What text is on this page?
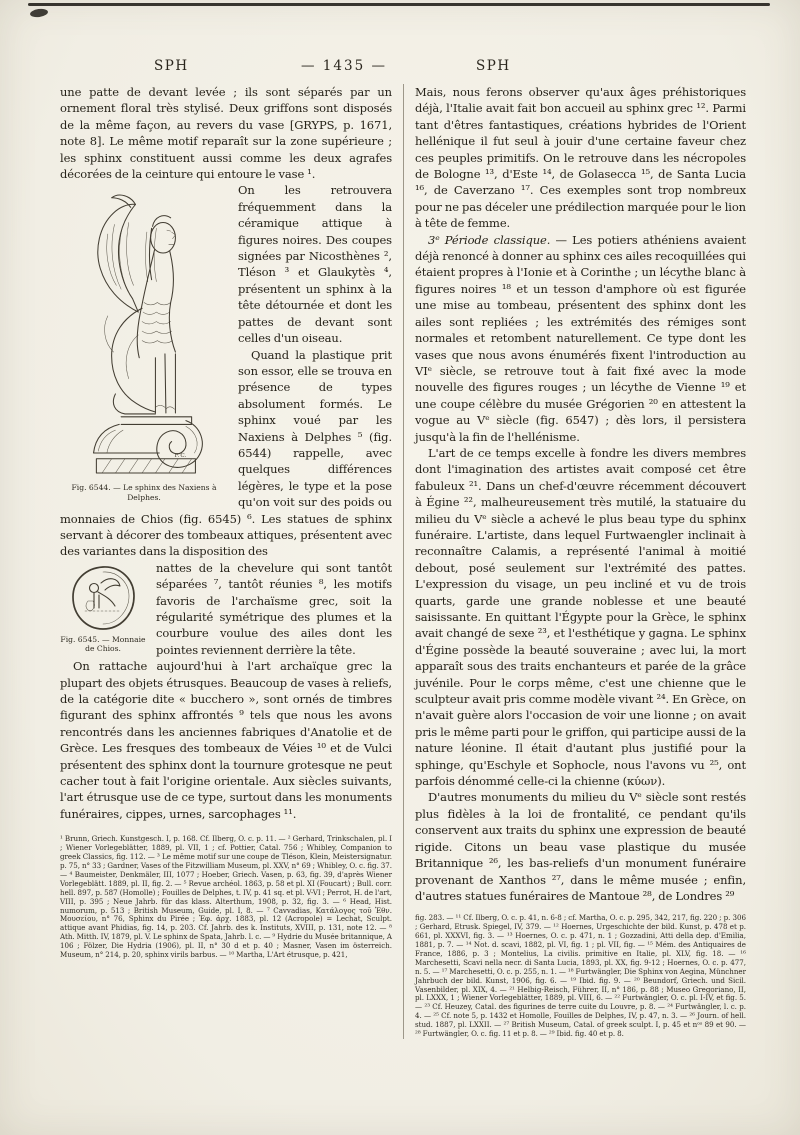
SPH	— 1435 —	SPH

une patte de devant levée ; ils sont séparés par un ornement floral très stylisé. Deux griffons sont disposés de la même façon, au revers du vase [GRYPS, p. 1671, note 8]. Le même motif reparaît sur la zone supérieure ; les sphinx constituent aussi comme les deux agrafes décorées de la ceinture qui entoure le vase ¹.

F. C.
Fig. 6544. — Le sphinx des Naxiens à Delphes.

On les retrouvera fréquemment dans la céramique attique à figures noires. Des coupes signées par Nicosthènes ², Tléson ³ et Glaukytès ⁴, présentent un sphinx à la tête détournée et dont les pattes de devant sont celles d'un oiseau.

Quand la plastique prit son essor, elle se trouva en présence de types absolument formés. Le sphinx voué par les Naxiens à Delphes ⁵ (fig. 6544) rappelle, avec quelques différences légères, le type et la pose qu'on voit sur des poids ou monnaies de Chios (fig. 6545) ⁶. Les statues de sphinx servant à décorer des tombeaux attiques, présentent avec des variantes dans la disposition des

Fig. 6545. — Monnaie de Chios.

nattes de la chevelure qui sont tantôt séparées ⁷, tantôt réunies ⁸, les motifs favoris de l'archaïsme grec, soit la régularité symétrique des plumes et la courbure voulue des ailes dont les pointes reviennent derrière la tête.

On rattache aujourd'hui à l'art archaïque grec la plupart des objets étrusques. Beaucoup de vases à reliefs, de la catégorie dite « bucchero », sont ornés de timbres figurant des sphinx affrontés ⁹ tels que nous les avons rencontrés dans les anciennes fabriques d'Anatolie et de Grèce. Les fresques des tombeaux de Véies ¹⁰ et de Vulci présentent des sphinx dont la tournure grotesque ne peut cacher tout à fait l'origine orientale. Aux siècles suivants, l'art étrusque use de ce type, surtout dans les monuments funéraires, cippes, urnes, sarcophages ¹¹.

¹ Brunn, Griech. Kunstgesch. I, p. 168. Cf. Ilberg, O. c. p. 11. — ² Gerhard, Trinkschalen, pl. I ; Wiener Vorlegeblätter, 1889, pl. VII, 1 ; cf. Pottier, Catal. 756 ; Whibley, Companion to greek Classics, fig. 112. — ³ Le même motif sur une coupe de Tléson, Klein, Meistersignatur. p. 75, n° 33 ; Gardner, Vases of the Fitzwilliam Museum, pl. XXV, n° 69 ; Whibley, O. c. fig. 37. — ⁴ Baumeister, Denkmäler, III, 1077 ; Hoeber, Griech. Vasen, p. 63, fig. 39, d'après Wiener Vorlegeblätt. 1889, pl. II, fig. 2. — ⁵ Revue archéol. 1863, p. 58 et pl. XI (Foucart) ; Bull. corr. hell. 897, p. 587 (Homolle) ; Fouilles de Delphes, t. IV, p. 41 sq. et pl. V-VI ; Perrot, H. de l'art, VIII, p. 395 ; Neue Jahrb. für das klass. Alterthum, 1908, p. 32, fig. 3. — ⁶ Head, Hist. numorum, p. 513 ; British Museum, Guide, pl. I, 8. — ⁷ Cavvadias, Κατάλογος τοῦ Ἐθν. Μουσείου, n° 76, Sphinx du Pirée ; Ἐφ. ἀρχ. 1883, pl. 12 (Acropole) = Lechat, Sculpt. attique avant Phidias, fig. 14, p. 203. Cf. Jahrb. des k. Instituts, XVIII, p. 131, note 12. — ⁸ Ath. Mitth. IV, 1879, pl. V. Le sphinx de Spata, Jahrb. l. c. — ⁹ Hydrie du Musée britannique, A 106 ; Fölzer, Die Hydria (1906), pl. II, n° 30 d et p. 40 ; Masner, Vasen im österreich. Museum, n° 214, p. 20, sphinx virils barbus. — ¹⁰ Martha, L'Art étrusque, p. 421,

Mais, nous ferons observer qu'aux âges préhistoriques déjà, l'Italie avait fait bon accueil au sphinx grec ¹². Parmi tant d'êtres fantastiques, créations hybrides de l'Orient hellénique il fut seul à jouir d'une certaine faveur chez ces peuples primitifs. On le retrouve dans les nécropoles de Bologne ¹³, d'Este ¹⁴, de Golasecca ¹⁵, de Santa Lucia ¹⁶, de Caverzano ¹⁷. Ces exemples sont trop nombreux pour ne pas déceler une prédilection marquée pour le lion à tête de femme.

3ᵉ Période classique. — Les potiers athéniens avaient déjà renoncé à donner au sphinx ces ailes recoquillées qui étaient propres à l'Ionie et à Corinthe ; un lécythe blanc à figures noires ¹⁸ et un tesson d'amphore où est figurée une mise au tombeau, présentent des sphinx dont les ailes sont repliées ; les extrémités des rémiges sont normales et retombent naturellement. Ce type dont les vases que nous avons énumérés fixent l'introduction au VIᵉ siècle, se retrouve tout à fait fixé avec la mode nouvelle des figures rouges ; un lécythe de Vienne ¹⁹ et une coupe célèbre du musée Grégorien ²⁰ en attestent la vogue au Vᵉ siècle (fig. 6547) ; dès lors, il persistera jusqu'à la fin de l'hellénisme.

L'art de ce temps excelle à fondre les divers membres dont l'imagination des artistes avait composé cet être fabuleux ²¹. Dans un chef-d'œuvre récemment découvert à Égine ²², malheureusement très mutilé, la statuaire du milieu du Vᵉ siècle a achevé le plus beau type du sphinx funéraire. L'artiste, dans lequel Furtwaengler inclinait à reconnaître Calamis, a représenté l'animal à moitié debout, posé seulement sur l'extrémité des pattes. L'expression du visage, un peu incliné et vu de trois quarts, garde une grande noblesse et une beauté saisissante. En quittant l'Égypte pour la Grèce, le sphinx avait changé de sexe ²³, et l'esthétique y gagna. Le sphinx d'Égine possède la beauté souveraine ; avec lui, la mort apparaît sous des traits enchanteurs et parée de la grâce juvénile. Pour le corps même, c'est une chienne que le sculpteur avait pris comme modèle vivant ²⁴. En Grèce, on n'avait guère alors l'occasion de voir une lionne ; on avait pris le même parti pour le griffon, qui participe aussi de la nature léonine. Il était d'autant plus justifié pour la sphinge, qu'Eschyle et Sophocle, nous l'avons vu ²⁵, ont parfois dénommé celle-ci la chienne (κύων).

D'autres monuments du milieu du Vᵉ siècle sont restés plus fidèles à la loi de frontalité, ce pendant qu'ils conservent aux traits du sphinx une expression de beauté rigide. Citons un beau vase plastique du musée Britannique ²⁶, les bas-reliefs d'un monument funéraire provenant de Xanthos ²⁷, dans le même musée ; enfin, d'autres statues funéraires de Mantoue ²⁸, de Londres ²⁹

fig. 283. — ¹¹ Cf. Ilberg, O. c. p. 41, n. 6-8 ; cf. Martha, O. c. p. 295, 342, 217, fig. 220 ; p. 306 ; Gerhard, Etrusk. Spiegel, IV, 379. — ¹² Hoernes, Urgeschichte der bild. Kunst, p. 478 et p. 661, pl. XXXVI, fig. 3. — ¹³ Hoernes, O. c. p. 471, n. 1 ; Gozzadini, Atti della dep. d'Emilia, 1881, p. 7. — ¹⁴ Not. d. scavi, 1882, pl. VI, fig. 1 ; pl. VII, fig. — ¹⁵ Mém. des Antiquaires de France, 1886, p. 3 ; Montelius, La civilis. primitive en Italie, pl. XLV, fig. 18. — ¹⁶ Marchesetti, Scavi nella necr. di Santa Lucia, 1893, pl. XX, fig. 9-12 ; Hoernes, O. c. p. 477, n. 5. — ¹⁷ Marchesetti, O. c. p. 255, n. 1. — ¹⁸ Furtwängler, Die Sphinx von Aegina, Münchner Jahrbuch der bild. Kunst, 1906, fig. 6. — ¹⁹ Ibid. fig. 9. — ²⁰ Beundorf, Griech. und Sicil. Vasenbilder, pl. XIX, 4. — ²¹ Helbig-Reisch, Führer, II, n° 186, p. 88 ; Museo Gregoriano, II, pl. LXXX, 1 ; Wiener Vorlegeblätter, 1889, pl. VIII, 6. — ²² Furtwängler, O. c. pl. I-IV, et fig. 5. — ²³ Cf. Heuzey, Catal. des figurines de terre cuite du Louvre, p. 8. — ²⁴ Furtwängler, l. c. p. 4. — ²⁵ Cf. note 5, p. 1432 et Homolle, Fouilles de Delphes, IV, p. 47, n. 3. — ²⁶ Journ. of hell. stud. 1887, pl. LXXII. — ²⁷ British Museum, Catal. of greek sculpt. I, p. 45 et nᵒˢ 89 et 90. — ²⁸ Furtwängler, O. c. fig. 11 et p. 8. — ²⁹ Ibid. fig. 40 et p. 8.
